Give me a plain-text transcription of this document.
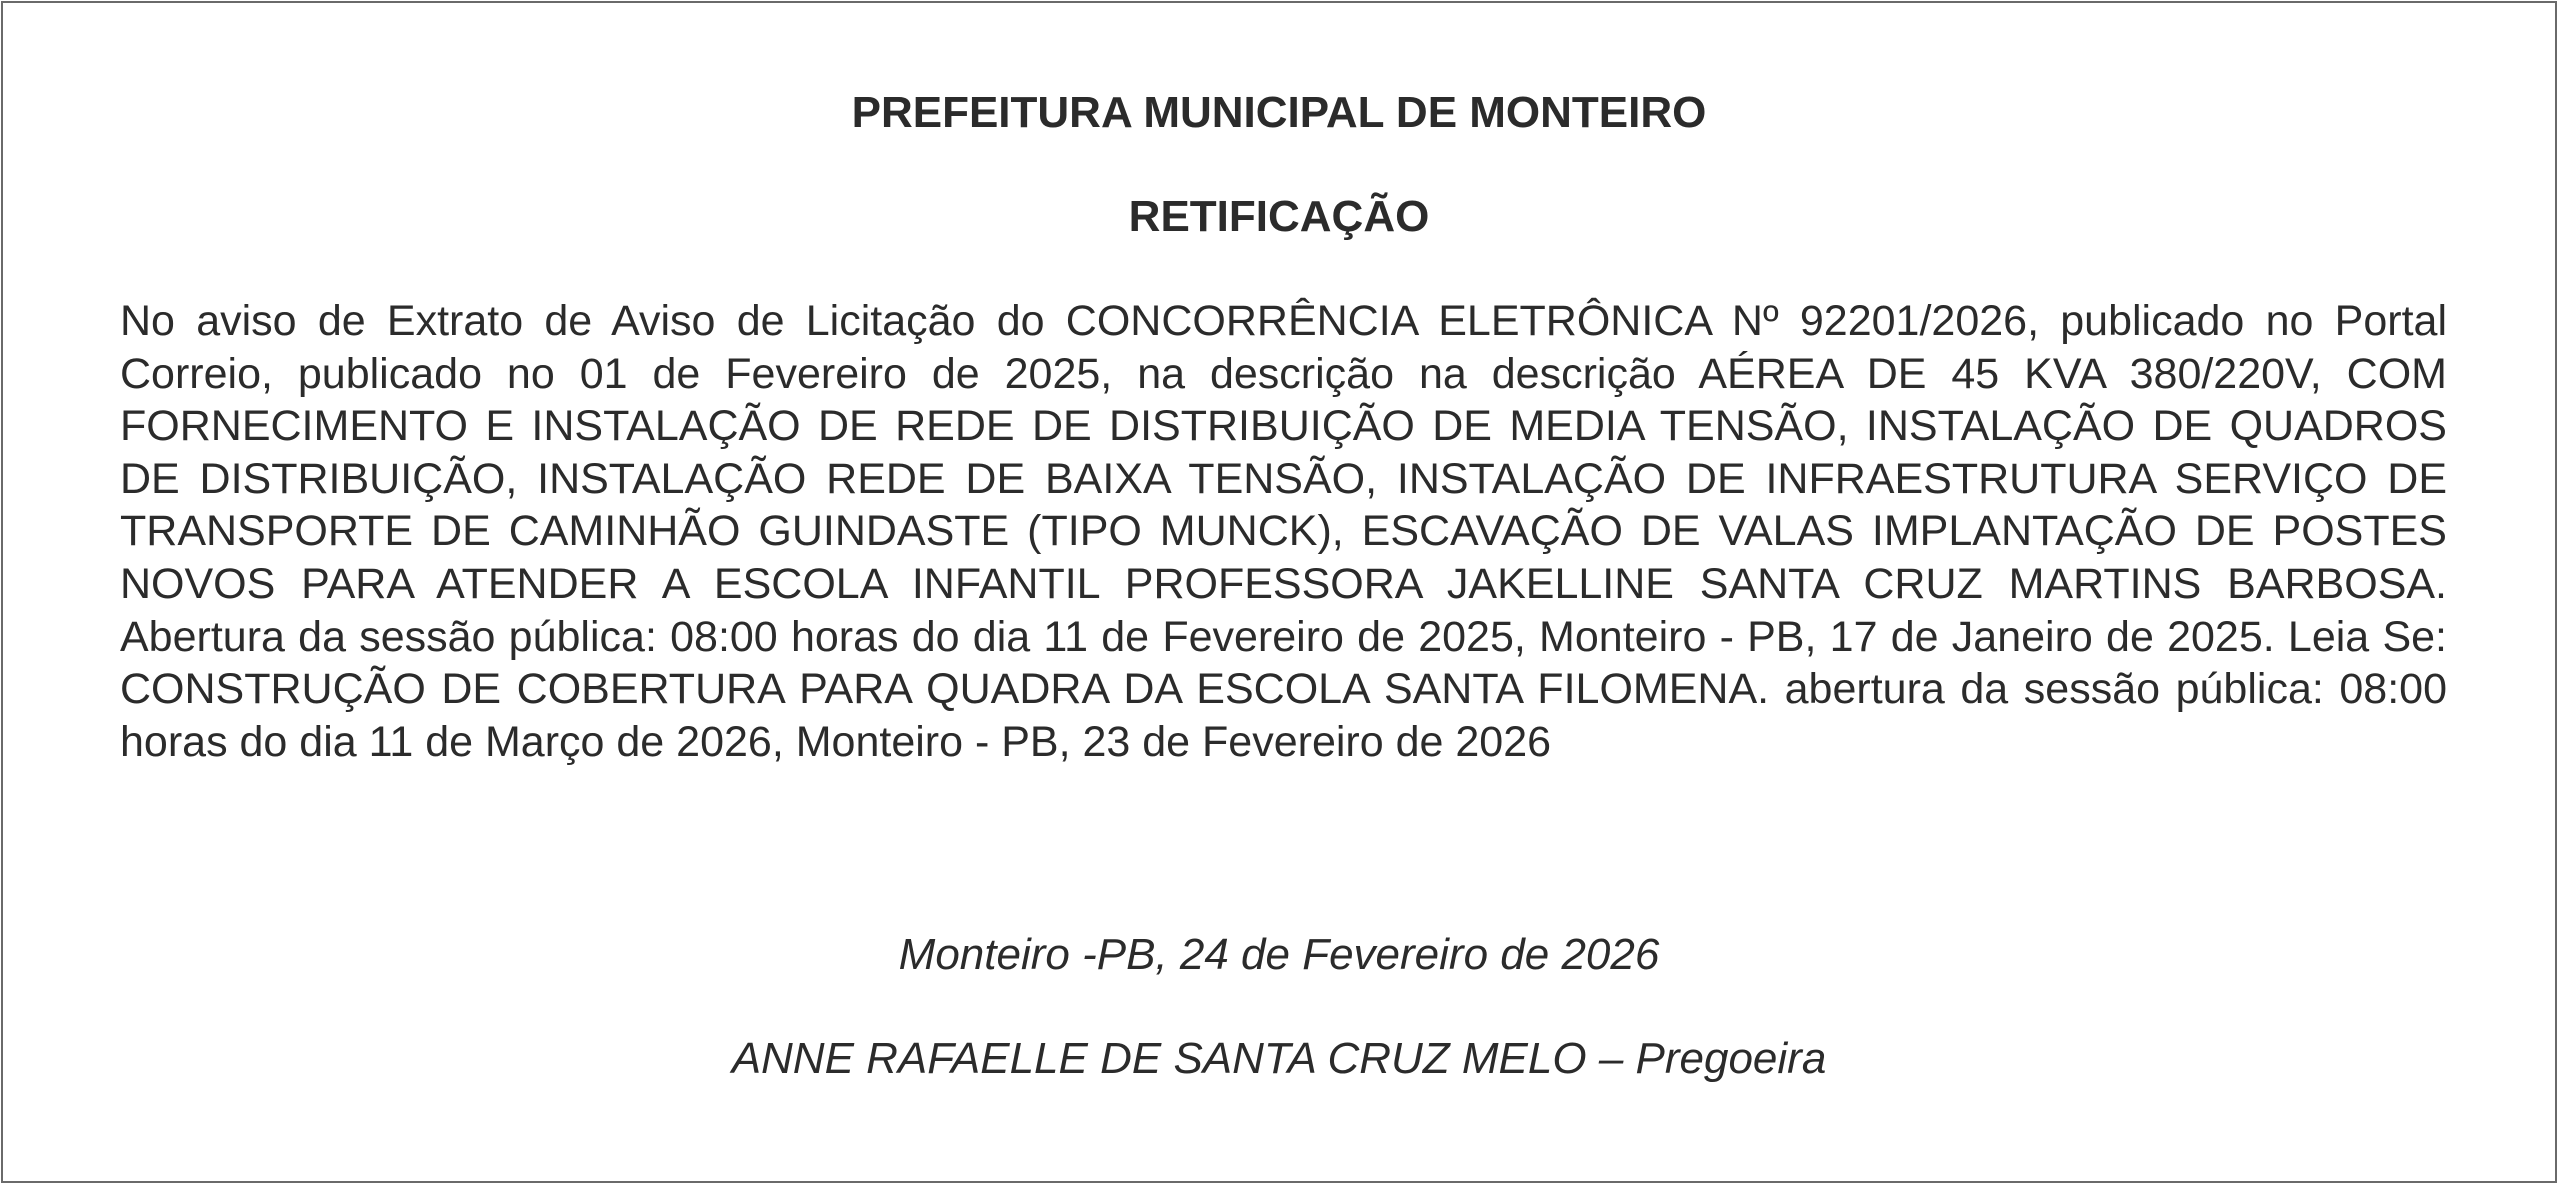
PREFEITURA MUNICIPAL DE MONTEIRO
RETIFICAÇÃO

No aviso de Extrato de Aviso de Licitação do CONCORRÊNCIA ELETRÔNICA Nº 92201/2026, publicado no Portal Correio, publicado no 01 de Fevereiro de 2025, na descrição na descrição AÉREA DE 45 KVA 380/220V, COM FORNECIMENTO E INSTALAÇÃO DE REDE DE DISTRIBUIÇÃO DE MEDIA TENSÃO, INSTALAÇÃO DE QUADROS DE DISTRIBUIÇÃO, INSTALAÇÃO REDE DE BAIXA TENSÃO, INSTALAÇÃO DE INFRAESTRUTURA SERVIÇO DE TRANSPORTE DE CAMINHÃO GUINDASTE (TIPO MUNCK), ESCAVAÇÃO DE VALAS IMPLANTAÇÃO DE POSTES NOVOS PARA ATENDER A ESCOLA INFANTIL PROFESSORA JAKELLINE SANTA CRUZ MARTINS BARBOSA. Abertura da sessão pública: 08:00 horas do dia 11 de Fevereiro de 2025, Monteiro - PB, 17 de Janeiro de 2025. Leia Se: CONSTRUÇÃO DE COBERTURA PARA QUADRA DA ESCOLA SANTA FILOMENA. abertura da sessão pública: 08:00 horas do dia 11 de Março de 2026, Monteiro - PB, 23 de Fevereiro de 2026

Monteiro -PB, 24 de Fevereiro de 2026

ANNE RAFAELLE DE SANTA CRUZ MELO – Pregoeira
